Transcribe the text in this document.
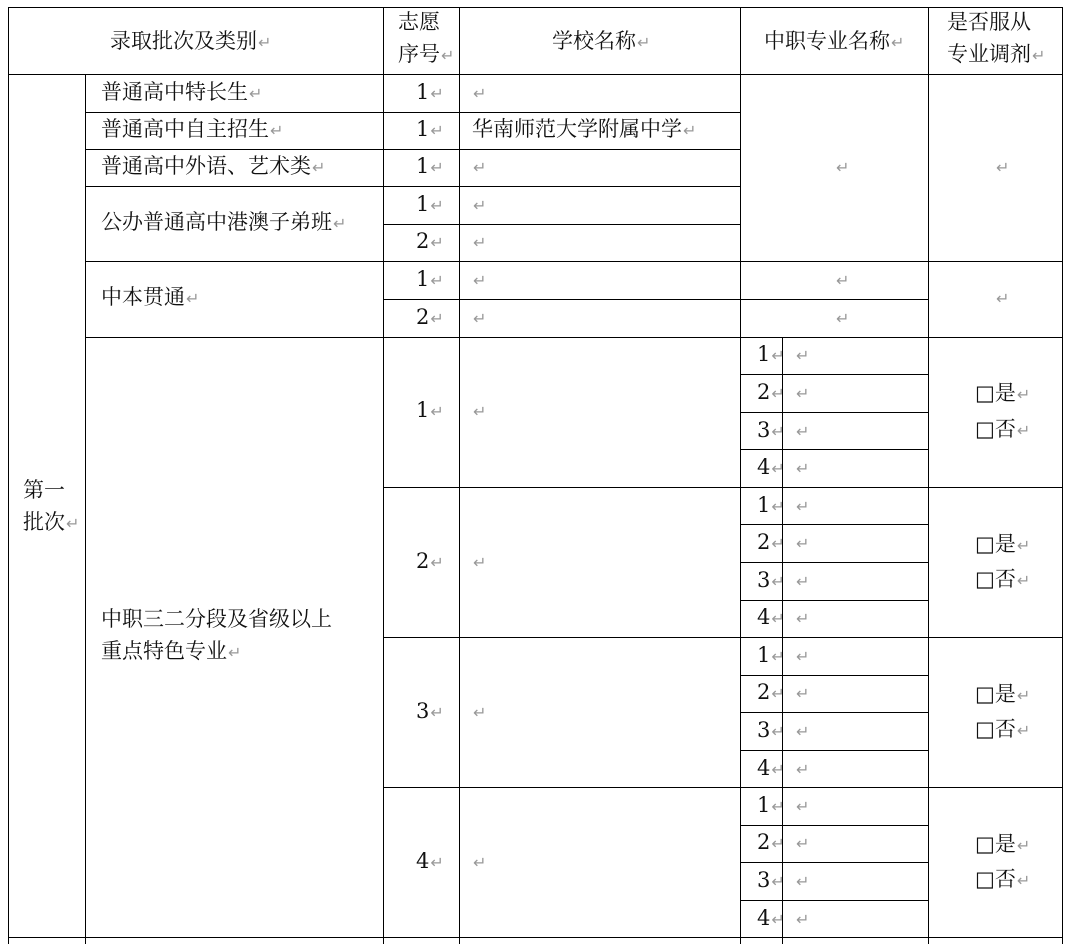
录取批次及类别↵
志愿
序号↵
学校名称↵	中职专业名称↵
是否服从
专业调剂↵
第一
批次↵
普通高中特长生↵
普通高中自主招生↵
普通高中外语、艺术类↵
公办普通高中港澳子弟班↵
中本贯通↵
中职三二分段及省级以上
重点特色专业↵
1↵
1↵
1↵
1↵
2↵
1↵
2↵
1↵
2↵
3↵
4↵
↵
华南师范大学附属中学↵
↵
↵
↵
↵
↵
↵
↵
↵
↵
↵
↵
↵
↵
↵
1↵ ↵
2↵ ↵
3↵ ↵
4↵ ↵
1↵ ↵
2↵ ↵
3↵ ↵
4↵ ↵
1↵ ↵
2↵ ↵
3↵ ↵
4↵ ↵
1↵ ↵
2↵ ↵
3↵ ↵
4↵ ↵
□是↵
□否↵
□是↵
□否↵
□是↵
□否↵
□是↵
□否↵
